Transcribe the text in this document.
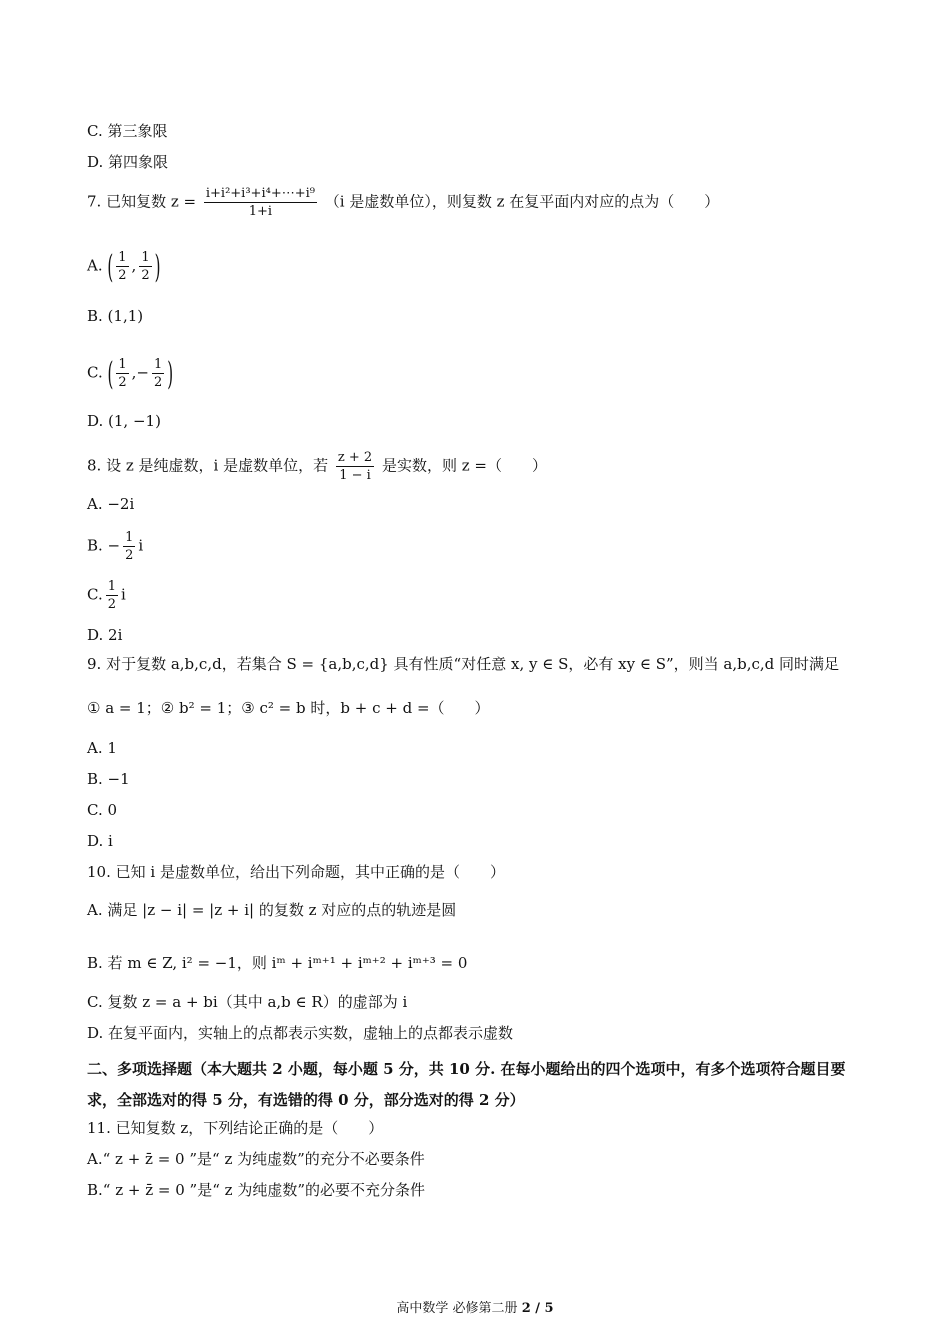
C. 第三象限
D. 第四象限
7. 已知复数 $z = \frac{\text{i+i²+i³+i⁴+⋯+i⁹}}{1+i} (i$ 是虚数单位），则复数 z 在复平面内对应的点为（　　）
A. ( $\frac{1}{2}$ , $\frac{1}{2}$ )
B. (1,1)
C. ( $\frac{1}{2}$ ,− $\frac{1}{2}$ )
D. (1, −1)
8. 设 z 是纯虚数，i 是虚数单位，若 $\frac{z + 2}{1 - i}$ 是实数，则 z =（　　）
A. −2i
B. − $\frac{1}{2}$ i
C. $\frac{1}{2}$ i
D. 2i
9. 对于复数 a,b,c,d，若集合 S = {a,b,c,d} 具有性质“对任意 x, y ∈ S，必有 xy ∈ S”，则当 a,b,c,d 同时满足
① a = 1；② b² = 1；③ c² = b 时，b + c + d =（　　）
A. 1
B. −1
C. 0
D. i
10. 已知 i 是虚数单位，给出下列命题，其中正确的是（　　）
A. 满足 |z − i| = |z + i| 的复数 z 对应的点的轨迹是圆
B. 若 m ∈ Z, i² = −1，则 iᵐ + iᵐ⁺¹ + iᵐ⁺² + iᵐ⁺³ = 0
C. 复数 z = a + bi（其中 a,b ∈ R）的虚部为 i
D. 在复平面内，实轴上的点都表示实数，虚轴上的点都表示虚数
二、多项选择题（本大题共 2 小题，每小题 5 分，共 10 分. 在每小题给出的四个选项中，有多个选项符合题目要求，全部选对的得 5 分，有选错的得 0 分，部分选对的得 2 分）
11. 已知复数 z，下列结论正确的是（　　）
A.“ z + z̄ = 0 ”是“ z 为纯虚数”的充分不必要条件
B.“ z + z̄ = 0 ”是“ z 为纯虚数”的必要不充分条件
高中数学 必修第二册 2 / 5
